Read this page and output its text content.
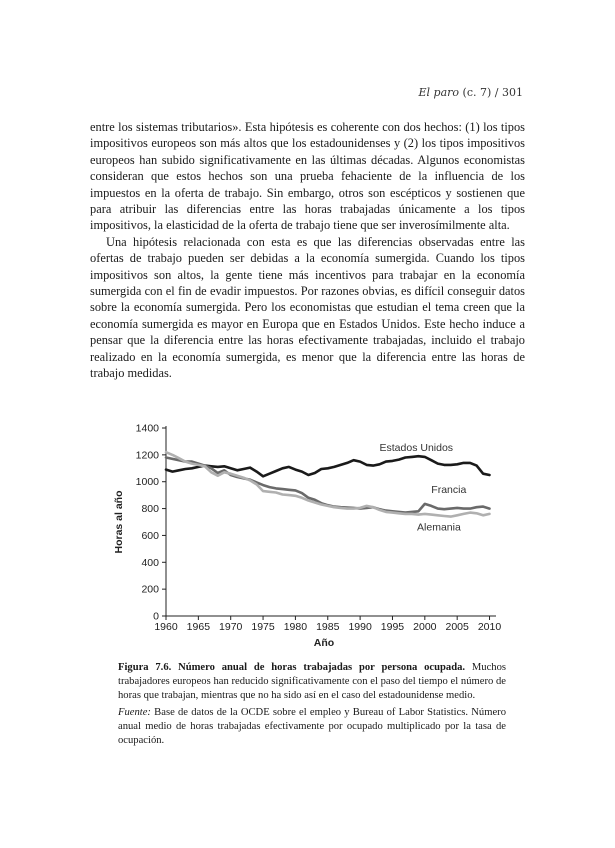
El paro (c. 7) / 301

entre los sistemas tributarios». Esta hipótesis es coherente con dos hechos: (1) los tipos impositivos europeos son más altos que los estadounidenses y (2) los tipos impositivos europeos han subido significativamente en las últimas décadas. Algunos economistas consideran que estos hechos son una prueba fehaciente de la influencia de los impuestos en la oferta de trabajo. Sin embargo, otros son escépticos y sostienen que para atribuir las diferencias entre las horas trabajadas únicamente a los tipos impositivos, la elasticidad de la oferta de trabajo tiene que ser inverosímilmente alta.

Una hipótesis relacionada con esta es que las diferencias observadas entre las ofertas de trabajo pueden ser debidas a la economía sumergida. Cuando los tipos impositivos son altos, la gente tiene más incentivos para trabajar en la economía sumergida con el fin de evadir impuestos. Por razones obvias, es difícil conseguir datos sobre la economía sumergida. Pero los economistas que estudian el tema creen que la economía sumergida es mayor en Europa que en Estados Unidos. Este hecho induce a pensar que la diferencia entre las horas efectivamente trabajadas, incluido el trabajo realizado en la economía sumergida, es menor que la diferencia entre las horas de trabajo medidas.

0
200
400
600
800
1000
1200
1400
1960 1965 1970 1975 1980 1985 1990 1995 2000 2005 2010
Año
Horas al año
Estados Unidos
Francia
Alemania

Figura 7.6. Número anual de horas trabajadas por persona ocupada. Muchos trabajadores europeos han reducido significativamente con el paso del tiempo el número de horas que trabajan, mientras que no ha sido así en el caso del estadounidense medio.

Fuente: Base de datos de la OCDE sobre el empleo y Bureau of Labor Statistics. Número anual medio de horas trabajadas efectivamente por ocupado multiplicado por la tasa de ocupación.
